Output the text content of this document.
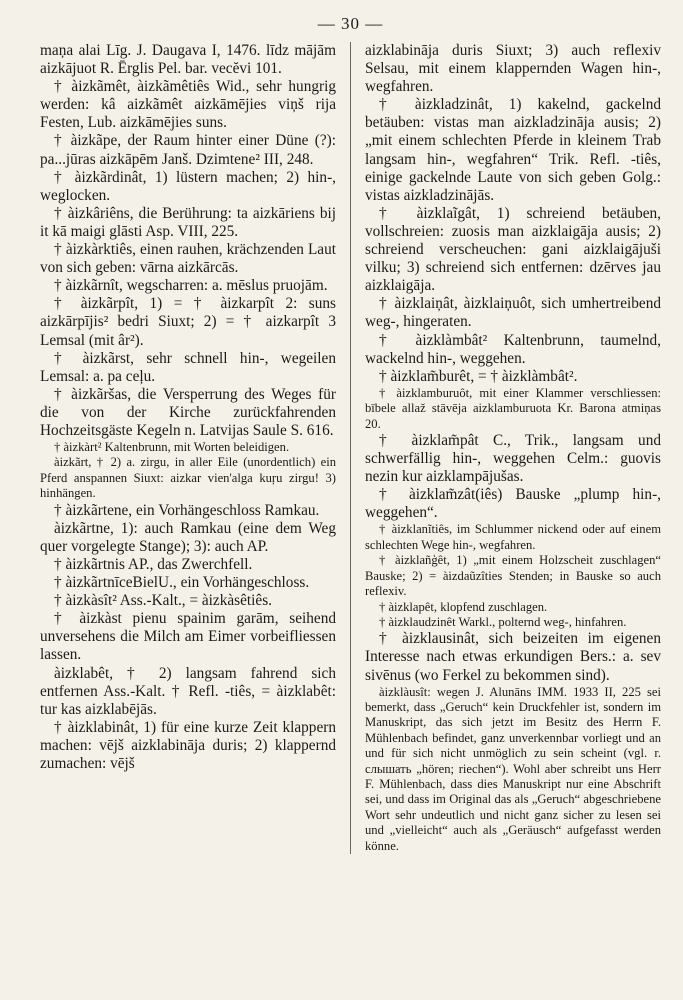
— 30 —

maņa alai Līg. J. Daugava I, 1476. līdz mājām aizkājuot R. Ērglis Pel. bar. vecĕvi 101.

† àizkãmêt, àizkãmêtiês Wid., sehr hungrig werden: kâ aizkãmêt aizkāmējies viņš rija Festen, Lub. aizkāmējies suns.

† àizkãpe, der Raum hinter einer Düne (?): pa...jūras aizkāpēm Janš. Dzimtene² III, 248.

† àizkãrdinât, 1) lüstern machen; 2) hin-, weglocken.

† àizkâriêns, die Berührung: ta aizkāriens bij it kā maigi glāsti Asp. VIII, 225.

† àizkàrktiês, einen rauhen, krächzenden Laut von sich geben: vārna aizkārcās.

† àizkãrnît, wegscharren: a. mēslus pruojām.

† àizkãrpît, 1) = † àizkarpît 2: suns aizkārpījis² bedri Siuxt; 2) = † aizkarpît 3 Lemsal (mit âr²).

† àizkãrst, sehr schnell hin-, wegeilen Lemsal: a. pa ceļu.

† àizkãršas, die Versperrung des Weges für die von der Kirche zurückfahrenden Hochzeitsgäste Kegeln n. Latvijas Saule S. 616.

† àizkàrt² Kaltenbrunn, mit Worten beleidigen.

àizkãrt, † 2) a. zirgu, in aller Eile (unordentlich) ein Pferd anspannen Siuxt: aizkar vien'alga kuŗu zirgu! 3) hinhängen.

† àizkãrtene, ein Vorhängeschloss Ramkau.

àizkãrtne, 1): auch Ramkau (eine dem Weg quer vorgelegte Stange); 3): auch AP.

† àizkãrtnis AP., das Zwerchfell.

† àizkãrtnīceBielU., ein Vorhängeschloss.

† àizkàsît² Ass.-Kalt., = àizkàsêtiês.

† àizkàst pienu spainim garām, seihend unversehens die Milch am Eimer vorbeifliessen lassen.

àizklabêt, † 2) langsam fahrend sich entfernen Ass.-Kalt. † Refl. -tiês, = àizklabêt: tur kas aizklabējās.

† àizklabinât, 1) für eine kurze Zeit klappern machen: vējš aizklabināja duris; 2) klappernd zumachen: vējš

aizklabināja duris Siuxt; 3) auch reflexiv Selsau, mit einem klappernden Wagen hin-, wegfahren.

† àizkladzinât, 1) kakelnd, gackelnd betäuben: vistas man aizkladzināja ausis; 2) „mit einem schlechten Pferde in kleinem Trab langsam hin-, wegfahren“ Trik. Refl. -tiês, einige gackelnde Laute von sich geben Golg.: vistas aizkladzinājās.

† àizklaĩgât, 1) schreiend betäuben, vollschreien: zuosis man aizklaigāja ausis; 2) schreiend verscheuchen: gani aizklaigājuši vilku; 3) schreiend sich entfernen: dzērves jau aizklaigāja.

† àizklaiņât, àizklaiņuôt, sich umhertreibend weg-, hingeraten.

† àizklàmbât² Kaltenbrunn, taumelnd, wackelnd hin-, weggehen.

† àizklam̃burêt, = † àizklàmbât².

† àizklamburuôt, mit einer Klammer verschliessen: bībele allaž stāvēja aizklamburuota Kr. Barona atmiņas 20.

† àizklam̃pât C., Trik., langsam und schwerfällig hin-, weggehen Celm.: guovis nezin kur aizklampājušas.

† àizklam̃zât(iês) Bauske „plump hin-, weggehen“.

† àizklanĩtiês, im Schlummer nickend oder auf einem schlechten Wege hin-, wegfahren.

† àizklañģêt, 1) „mit einem Holzscheit zuschlagen“ Bauske; 2) = àizdaũzîties Stenden; in Bauske so auch reflexiv.

† àizklapêt, klopfend zuschlagen.

† àizklaudzinêt Warkl., polternd weg-, hinfahren.

† àizklausinât, sich beizeiten im eigenen Interesse nach etwas erkundigen Bers.: a. sev sivēnus (wo Ferkel zu bekommen sind).

àizklàusît: wegen J. Alunāns IMM. 1933 II, 225 sei bemerkt, dass „Geruch“ kein Druckfehler ist, sondern im Manuskript, das sich jetzt im Besitz des Herrn F. Mühlenbach befindet, ganz unverkennbar vorliegt und an und für sich nicht unmöglich zu sein scheint (vgl. r. слышать „hören; riechen“). Wohl aber schreibt uns Herr F. Mühlenbach, dass dies Manuskript nur eine Abschrift sei, und dass im Original das als „Geruch“ abgeschriebene Wort sehr undeutlich und nicht ganz sicher zu lesen sei und „vielleicht“ auch als „Geräusch“ aufgefasst werden könne.
